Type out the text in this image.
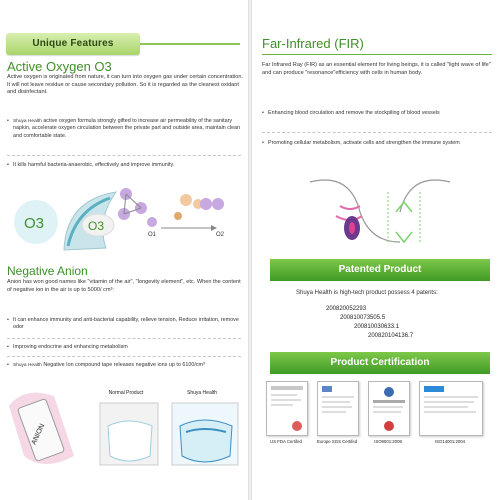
Unique Features
Active Oxygen O3
Active oxygen is originated from nature, it can turn into oxygen gas under certain concentration. It will not leave residue or cause secondary pollution. So it is regarded as the cleanest oxidant and disinfectant.
• Shuya Health active oxygen formula strongly gifted to increase air permeability of the sanitary napkin, accelerate oxygen circulation between the private part and outside area, maintain clean and comfortable state.
• It kills harmful bacteria-anaerobic, effectively and improve immunity.
O3	O3
O1	O2
Negative Anion
Anion has won good names like "vitamin of the air", "longevity element", etc. When the content of negative ion in the air is up to 5000/ cm³:
• It can enhance immunity and anti-bacterial capability, relieve tension, Reduce irritation, remove odor
• Improving endocrine and enhancing metabolism
• Shuya Health Negative Ion compound tape releases negative ions up to 6100/cm³
ANION
Normal Product	Shuya Health
Far-Infrared (FIR)
Far Infrared Ray (FIR) as an essential element for living beings, it is called "light wave of life" and can produce "resonance"efficiency with cells in human body.
• Enhancing blood circulation and remove the stockpiling of blood vessels
• Promoting cellular metabolism, activate cells and strengthen the immune system
Patented Product
Shuya Health is high-tech product possess 4 patents:
200820052293
200810073505.5
200810030633.1
200820104136.7
Product Certification
US FDA Certifed	Europe SGS Certifed	ISO9001:2008	ISO14001:2004
